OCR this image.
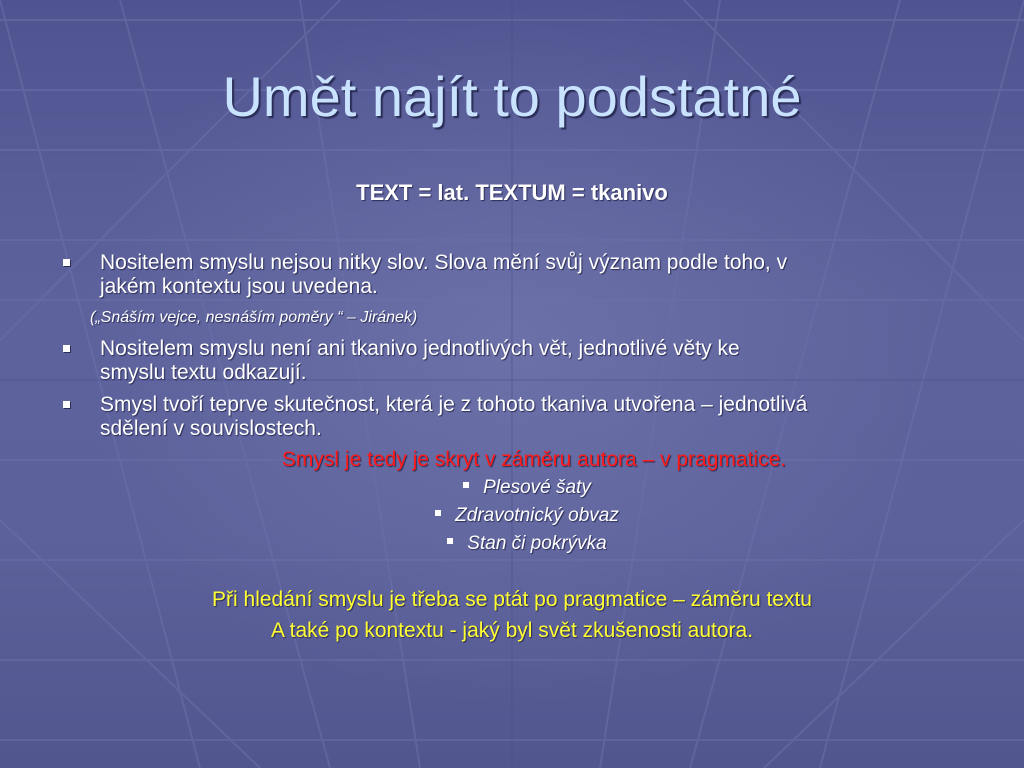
Umět najít to podstatné
TEXT = lat. TEXTUM = tkanivo
Nositelem smyslu nejsou nitky slov. Slova mění svůj význam podle toho, v
jakém kontextu jsou uvedena.
(„Snáším vejce, nesnáším poměry “ – Jiránek)
Nositelem smyslu není ani tkanivo jednotlivých vět, jednotlivé věty ke
smyslu textu odkazují.
Smysl tvoří teprve skutečnost, která je z tohoto tkaniva utvořena – jednotlivá
sdělení v souvislostech.
Smysl je tedy je skryt v záměru autora – v pragmatice.
Plesové šaty
Zdravotnický obvaz
Stan či pokrývka
Při hledání smyslu je třeba se ptát po pragmatice – záměru textu
A také po kontextu - jaký byl svět zkušenosti autora.
